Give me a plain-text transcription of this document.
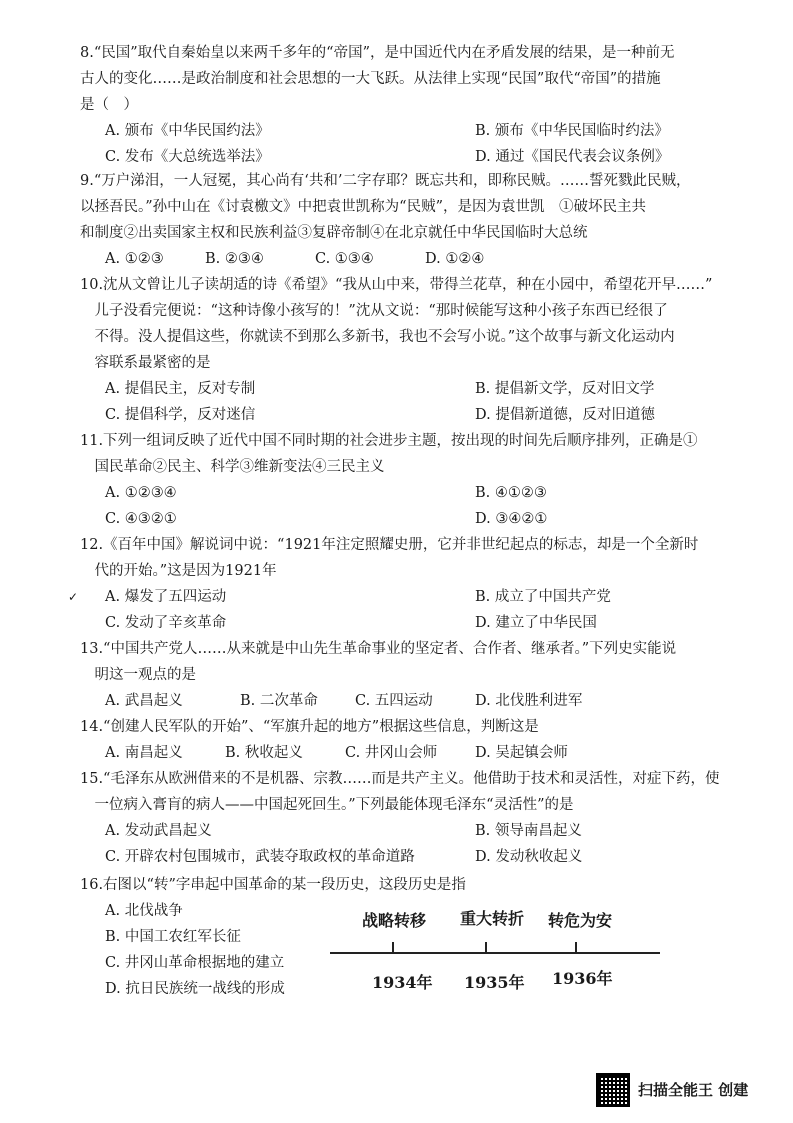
8.“民国”取代自秦始皇以来两千多年的“帝国”，是中国近代内在矛盾发展的结果，是一种前无
古人的变化……是政治制度和社会思想的一大飞跃。从法律上实现“民国”取代“帝国”的措施
是（　）
A. 颁布《中华民国约法》	B. 颁布《中华民国临时约法》
C. 发布《大总统选举法》	D. 通过《国民代表会议条例》
9.“万户涕泪，一人冠冕，其心尚有‘共和’二字存耶？既忘共和，即称民贼。……誓死戮此民贼，
以拯吾民。”孙中山在《讨袁檄文》中把袁世凯称为“民贼”，是因为袁世凯　①破坏民主共
和制度②出卖国家主权和民族利益③复辟帝制④在北京就任中华民国临时大总统
A. ①②③	B. ②③④	C. ①③④	D. ①②④
10.沈从文曾让儿子读胡适的诗《希望》“我从山中来，带得兰花草，种在小园中，希望花开早……”
　儿子没看完便说：“这种诗像小孩写的！”沈从文说：“那时候能写这种小孩子东西已经很了
　不得。没人提倡这些，你就读不到那么多新书，我也不会写小说。”这个故事与新文化运动内
　容联系最紧密的是
A. 提倡民主，反对专制	B. 提倡新文学，反对旧文学
C. 提倡科学，反对迷信	D. 提倡新道德，反对旧道德
11.下列一组词反映了近代中国不同时期的社会进步主题，按出现的时间先后顺序排列，正确是①
　国民革命②民主、科学③维新变法④三民主义
A. ①②③④	B. ④①②③
C. ④③②①	D. ③④②①
12.《百年中国》解说词中说：“1921年注定照耀史册，它并非世纪起点的标志，却是一个全新时
　代的开始。”这是因为1921年
✓ A. 爆发了五四运动	B. 成立了中国共产党
C. 发动了辛亥革命	D. 建立了中华民国
13.“中国共产党人……从来就是中山先生革命事业的坚定者、合作者、继承者。”下列史实能说
　明这一观点的是
A. 武昌起义	B. 二次革命	C. 五四运动	D. 北伐胜利进军
14.“创建人民军队的开始”、“军旗升起的地方”根据这些信息，判断这是
A. 南昌起义	B. 秋收起义	C. 井冈山会师	D. 吴起镇会师
15.“毛泽东从欧洲借来的不是机器、宗教……而是共产主义。他借助于技术和灵活性，对症下药，使
　一位病入膏肓的病人——中国起死回生。”下列最能体现毛泽东“灵活性”的是
A. 发动武昌起义	B. 领导南昌起义
C. 开辟农村包围城市，武装夺取政权的革命道路	D. 发动秋收起义
16.右图以“转”字串起中国革命的某一段历史，这段历史是指
A. 北伐战争
B. 中国工农红军长征
C. 井冈山革命根据地的建立
D. 抗日民族统一战线的形成
战略转移 重大转折 转危为安
1934年 1935年 1936年
扫描全能王 创建
